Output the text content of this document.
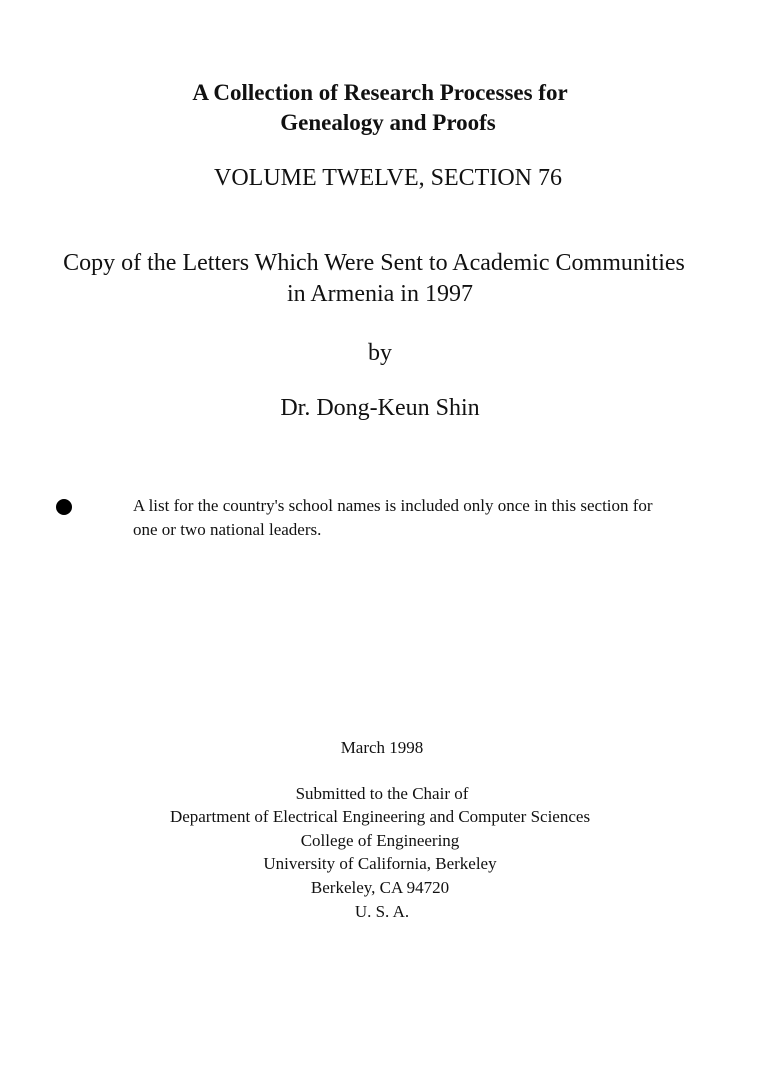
A Collection of Research Processes for
Genealogy and Proofs
VOLUME TWELVE, SECTION 76
Copy of the Letters Which Were Sent to Academic Communities
in Armenia in 1997
by
Dr. Dong-Keun Shin
A list for the country's school names is included only once in this section for
one or two national leaders.
March 1998
Submitted to the Chair of
Department of Electrical Engineering and Computer Sciences
College of Engineering
University of California, Berkeley
Berkeley, CA 94720
U. S. A.
